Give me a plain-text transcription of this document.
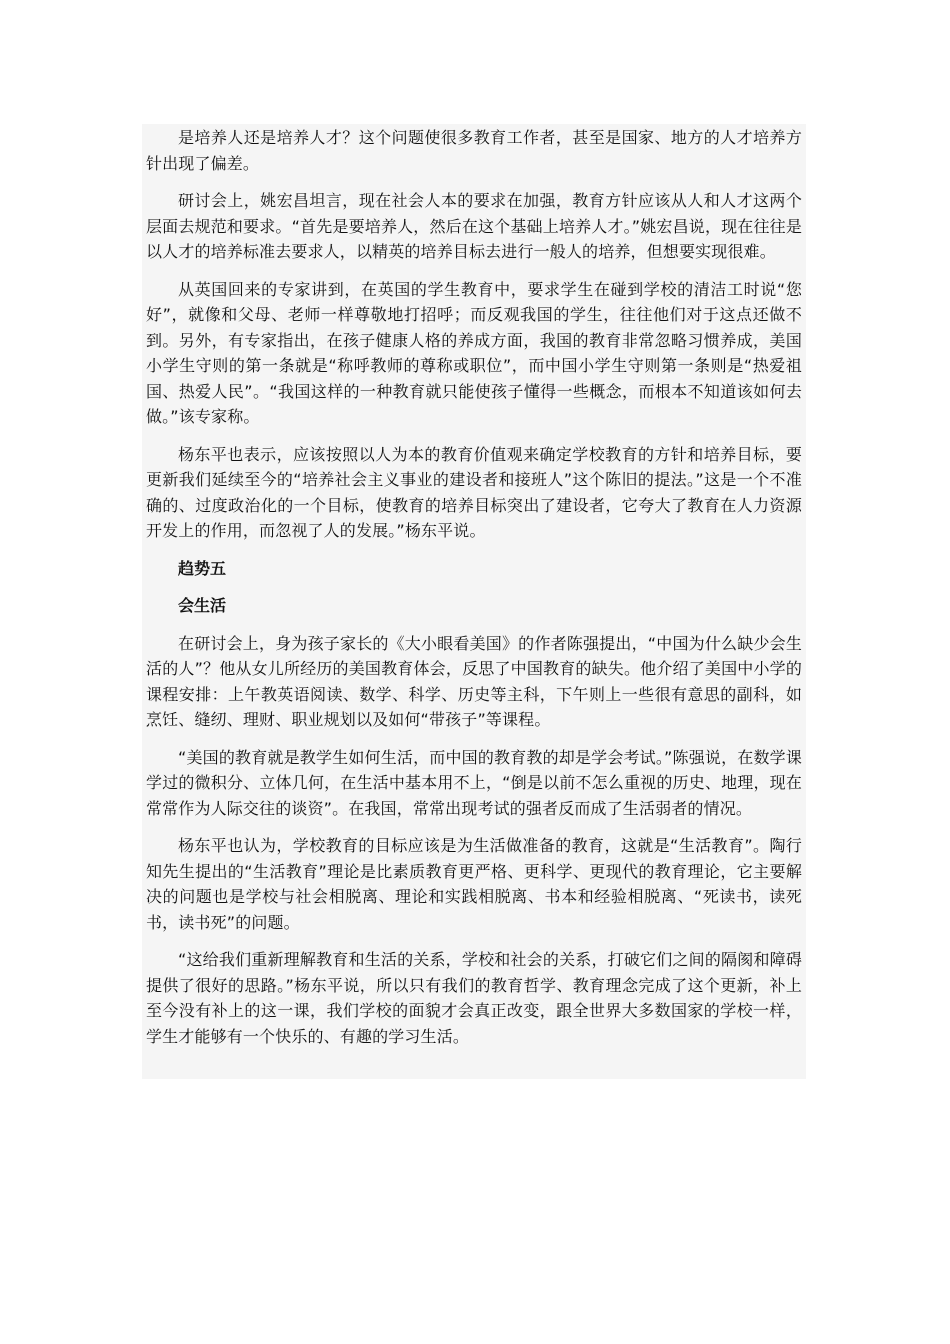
是培养人还是培养人才？这个问题使很多教育工作者，甚至是国家、地方的人才培养方针出现了偏差。

研讨会上，姚宏昌坦言，现在社会人本的要求在加强，教育方针应该从人和人才这两个层面去规范和要求。“首先是要培养人，然后在这个基础上培养人才。”姚宏昌说，现在往往是以人才的培养标准去要求人，以精英的培养目标去进行一般人的培养，但想要实现很难。

从英国回来的专家讲到，在英国的学生教育中，要求学生在碰到学校的清洁工时说“您好”，就像和父母、老师一样尊敬地打招呼；而反观我国的学生，往往他们对于这点还做不到。另外，有专家指出，在孩子健康人格的养成方面，我国的教育非常忽略习惯养成，美国小学生守则的第一条就是“称呼教师的尊称或职位”，而中国小学生守则第一条则是“热爱祖国、热爱人民”。“我国这样的一种教育就只能使孩子懂得一些概念，而根本不知道该如何去做。”该专家称。

杨东平也表示，应该按照以人为本的教育价值观来确定学校教育的方针和培养目标，要更新我们延续至今的“培养社会主义事业的建设者和接班人”这个陈旧的提法。”这是一个不准确的、过度政治化的一个目标，使教育的培养目标突出了建设者，它夸大了教育在人力资源开发上的作用，而忽视了人的发展。”杨东平说。

趋势五

会生活

在研讨会上，身为孩子家长的《大小眼看美国》的作者陈强提出，“中国为什么缺少会生活的人”？他从女儿所经历的美国教育体会，反思了中国教育的缺失。他介绍了美国中小学的课程安排：上午教英语阅读、数学、科学、历史等主科，下午则上一些很有意思的副科，如烹饪、缝纫、理财、职业规划以及如何“带孩子”等课程。

“美国的教育就是教学生如何生活，而中国的教育教的却是学会考试。”陈强说，在数学课学过的微积分、立体几何，在生活中基本用不上，“倒是以前不怎么重视的历史、地理，现在常常作为人际交往的谈资”。在我国，常常出现考试的强者反而成了生活弱者的情况。

杨东平也认为，学校教育的目标应该是为生活做准备的教育，这就是“生活教育”。陶行知先生提出的“生活教育”理论是比素质教育更严格、更科学、更现代的教育理论，它主要解决的问题也是学校与社会相脱离、理论和实践相脱离、书本和经验相脱离、“死读书，读死书，读书死”的问题。

“这给我们重新理解教育和生活的关系，学校和社会的关系，打破它们之间的隔阂和障碍提供了很好的思路。”杨东平说，所以只有我们的教育哲学、教育理念完成了这个更新，补上至今没有补上的这一课，我们学校的面貌才会真正改变，跟全世界大多数国家的学校一样，学生才能够有一个快乐的、有趣的学习生活。
